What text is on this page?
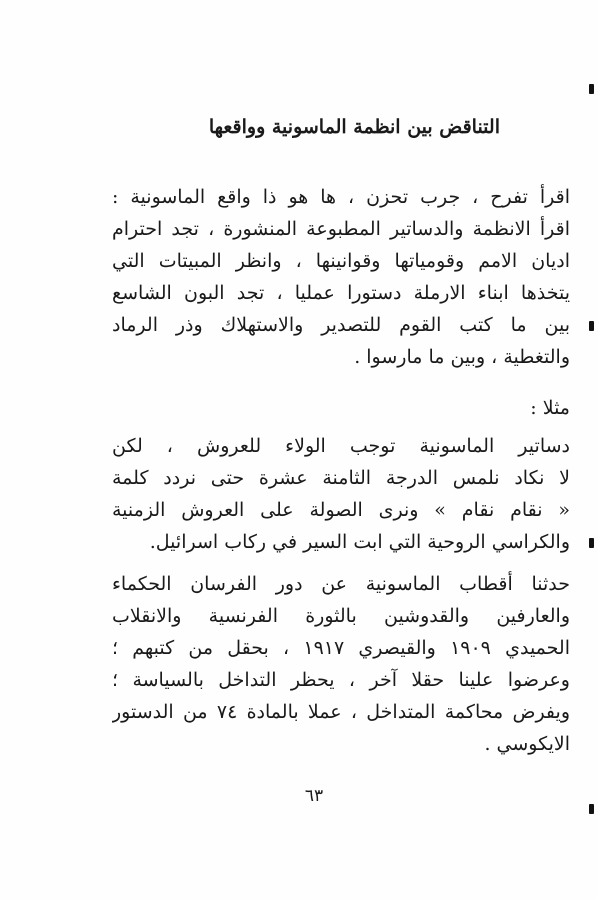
التناقض بين انظمة الماسونية وواقعها
اقرأ تفرح ، جرب تحزن ، ها هو ذا واقع الماسونية :
اقرأ الانظمة والدساتير المطبوعة المنشورة ، تجد احترام
اديان الامم وقومياتها وقوانينها ، وانظر المبيتات التي
يتخذها ابناء الارملة دستورا عمليا ، تجد البون الشاسع
بين ما كتب القوم للتصدير والاستهلاك وذر الرماد
والتغطية ، وبين ما مارسوا .
مثلا :
دساتير الماسونية توجب الولاء للعروش ، لكن
لا نكاد نلمس الدرجة الثامنة عشرة حتى نردد كلمة
« نقام نقام » ونرى الصولة على العروش الزمنية
والكراسي الروحية التي ابت السير في ركاب اسرائيل.
حدثنا أقطاب الماسونية عن دور الفرسان الحكماء
والعارفين والقدوشين بالثورة الفرنسية والانقلاب
الحميدي ١٩٠٩ والقيصري ١٩١٧ ، بحقل من كتبهم ؛
وعرضوا علينا حقلا آخر ، يحظر التداخل بالسياسة ؛
ويفرض محاكمة المتداخل ، عملا بالمادة ٧٤ من الدستور
الايكوسي .
٦٣
